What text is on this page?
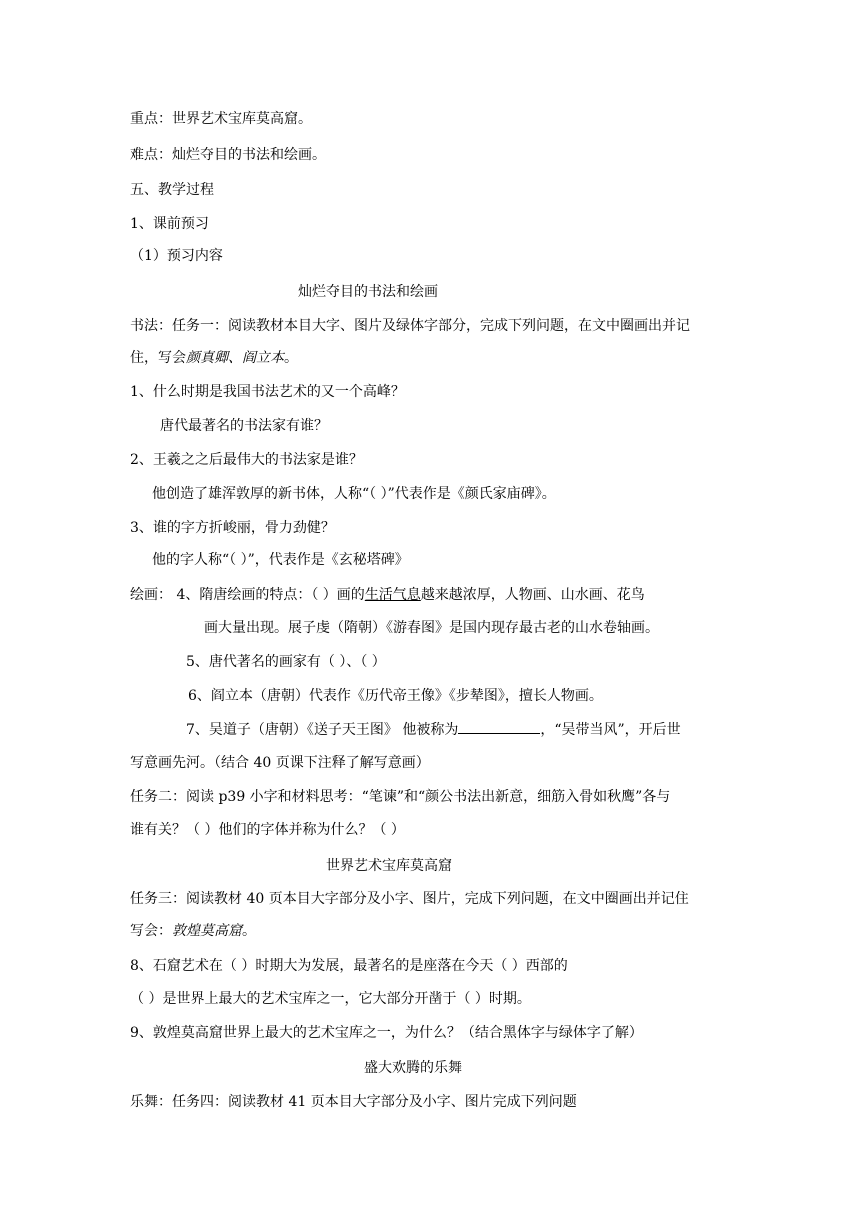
重点：世界艺术宝库莫高窟。
难点：灿烂夺目的书法和绘画。
五、教学过程
1、课前预习
（1）预习内容
灿烂夺目的书法和绘画
书法：任务一：阅读教材本目大字、图片及绿体字部分，完成下列问题，在文中圈画出并记
住，写会颜真卿、阎立本。
1、什么时期是我国书法艺术的又一个高峰？
唐代最著名的书法家有谁？
2、王羲之之后最伟大的书法家是谁？
他创造了雄浑敦厚的新书体，人称“（ ）”代表作是《颜氏家庙碑》。
3、谁的字方折峻丽，骨力劲健？
他的字人称“（ ）”，代表作是《玄秘塔碑》
绘画： 4、隋唐绘画的特点：（ ）画的生活气息越来越浓厚，人物画、山水画、花鸟
画大量出现。展子虔（隋朝）《游春图》是国内现存最古老的山水卷轴画。
5、唐代著名的画家有（ ）、（ ）
6、阎立本（唐朝）代表作《历代帝王像》《步辇图》，擅长人物画。
7、吴道子（唐朝）《送子天王图》 他被称为	，“吴带当风”，开后世
写意画先河。（结合 40 页课下注释了解写意画）
任务二：阅读 p39 小字和材料思考：“笔谏”和“颜公书法出新意，细筋入骨如秋鹰”各与
谁有关？（ ）他们的字体并称为什么？（ ）
世界艺术宝库莫高窟
任务三：阅读教材 40 页本目大字部分及小字、图片，完成下列问题，在文中圈画出并记住
写会：敦煌莫高窟。
8、石窟艺术在（ ）时期大为发展，最著名的是座落在今天（ ）西部的
（ ）是世界上最大的艺术宝库之一，它大部分开凿于（ ）时期。
9、敦煌莫高窟世界上最大的艺术宝库之一，为什么？（结合黑体字与绿体字了解）
盛大欢腾的乐舞
乐舞：任务四：阅读教材 41 页本目大字部分及小字、图片完成下列问题
